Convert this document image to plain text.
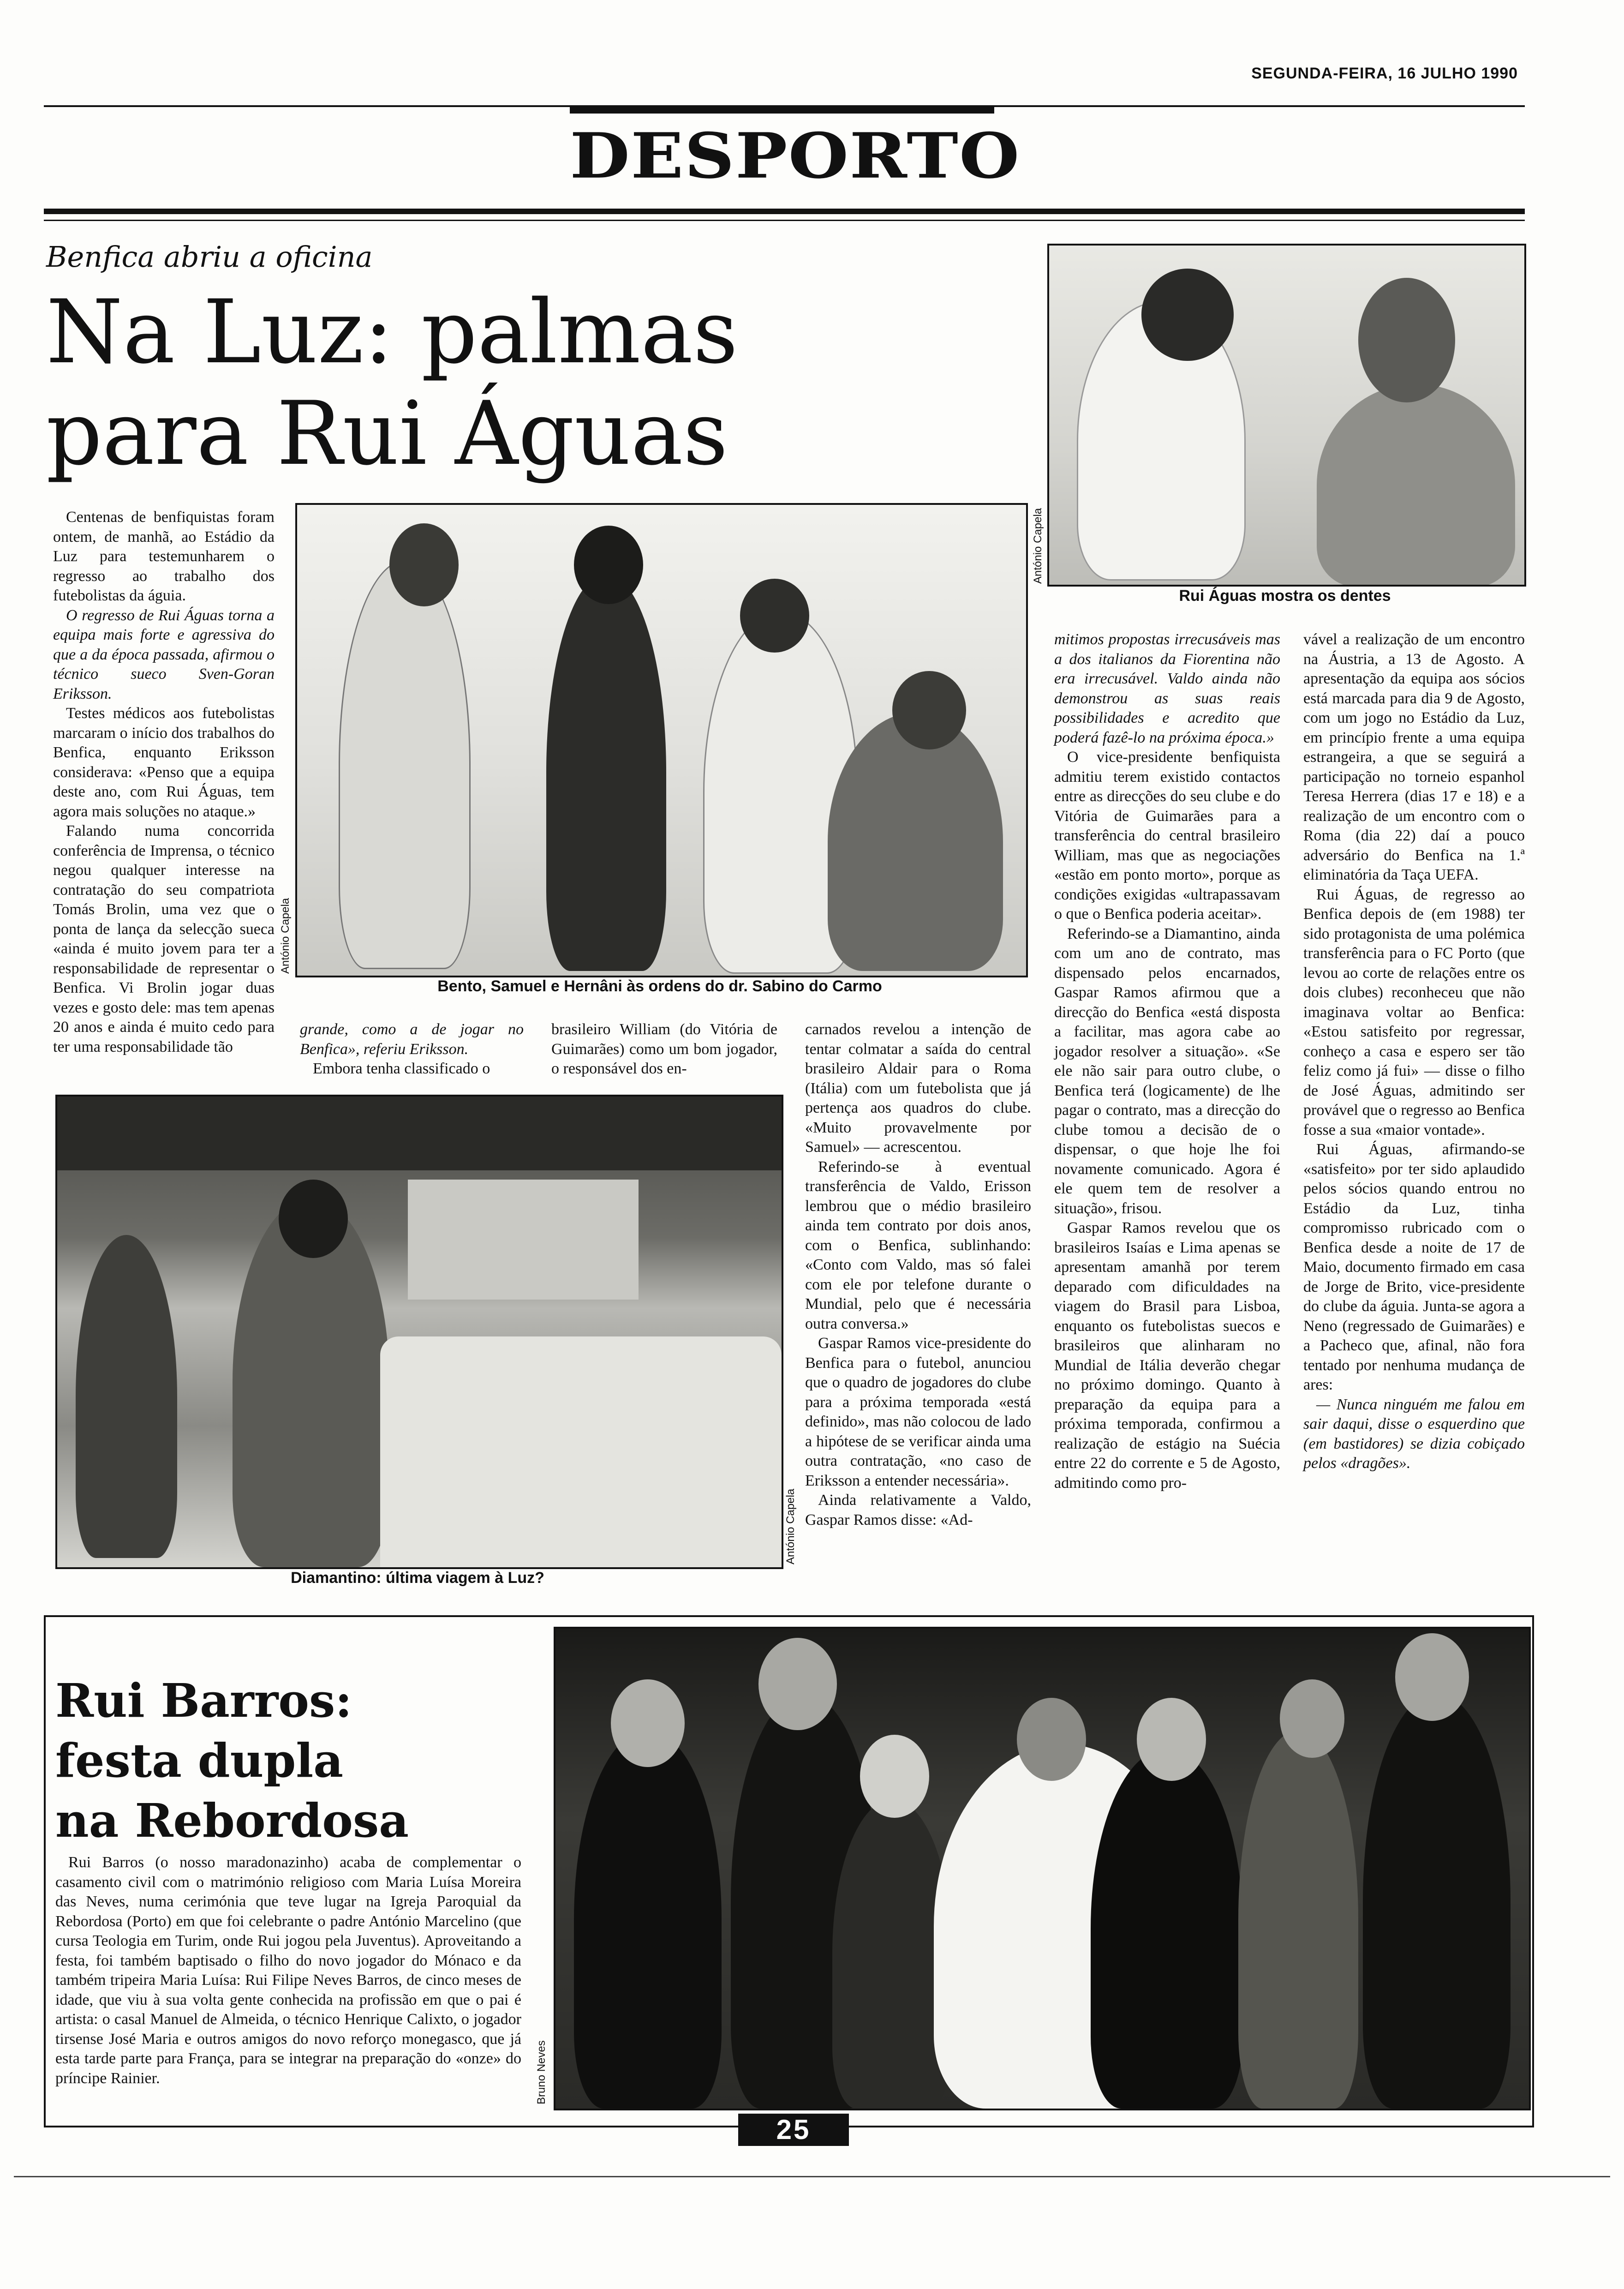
SEGUNDA-FEIRA, 16 JULHO 1990
DESPORTO
Benfica abriu a oficina
Na Luz: palmas
para Rui Águas
António Capela
Rui Águas mostra os dentes
António Capela
Bento, Samuel e Hernâni às ordens do dr. Sabino do Carmo

Centenas de benfiquistas foram ontem, de manhã, ao Estádio da Luz para testemunharem o regresso ao trabalho dos futebolistas da águia.

O regresso de Rui Águas torna a equipa mais forte e agressiva do que a da época passada, afirmou o técnico sueco Sven-Goran Eriksson.

Testes médicos aos futebolistas marcaram o início dos trabalhos do Benfica, enquanto Eriksson considerava: «Penso que a equipa deste ano, com Rui Águas, tem agora mais soluções no ataque.»

Falando numa concorrida conferência de Imprensa, o técnico negou qualquer interesse na contratação do seu compatriota Tomás Brolin, uma vez que o ponta de lança da selecção sueca «ainda é muito jovem para ter a responsabilidade de representar o Benfica. Vi Brolin jogar duas vezes e gosto dele: mas tem apenas 20 anos e ainda é muito cedo para ter uma responsabilidade tão

grande, como a de jogar no Benfica», referiu Eriksson.

Embora tenha classificado o

brasileiro William (do Vitória de Guimarães) como um bom jogador, o responsável dos en-

António Capela
Diamantino: última viagem à Luz?

carnados revelou a intenção de tentar colmatar a saída do central brasileiro Aldair para o Roma (Itália) com um futebolista que já pertença aos quadros do clube. «Muito provavelmente por Samuel» — acrescentou.

Referindo-se à eventual transferência de Valdo, Erisson lembrou que o médio brasileiro ainda tem contrato por dois anos, com o Benfica, sublinhando: «Conto com Valdo, mas só falei com ele por telefone durante o Mundial, pelo que é necessária outra conversa.»

Gaspar Ramos vice-presidente do Benfica para o futebol, anunciou que o quadro de jogadores do clube para a próxima temporada «está definido», mas não colocou de lado a hipótese de se verificar ainda uma outra contratação, «no caso de Eriksson a entender necessária».

Ainda relativamente a Valdo, Gaspar Ramos disse: «Ad-

mitimos propostas irrecusáveis mas a dos italianos da Fiorentina não era irrecusável. Valdo ainda não demonstrou as suas reais possibilidades e acredito que poderá fazê-lo na próxima época.»

O vice-presidente benfiquista admitiu terem existido contactos entre as direcções do seu clube e do Vitória de Guimarães para a transferência do central brasileiro William, mas que as negociações «estão em ponto morto», porque as condições exigidas «ultrapassavam o que o Benfica poderia aceitar».

Referindo-se a Diamantino, ainda com um ano de contrato, mas dispensado pelos encarnados, Gaspar Ramos afirmou que a direcção do Benfica «está disposta a facilitar, mas agora cabe ao jogador resolver a situação». «Se ele não sair para outro clube, o Benfica terá (logicamente) de lhe pagar o contrato, mas a direcção do clube tomou a decisão de o dispensar, o que hoje lhe foi novamente comunicado. Agora é ele quem tem de resolver a situação», frisou.

Gaspar Ramos revelou que os brasileiros Isaías e Lima apenas se apresentam amanhã por terem deparado com dificuldades na viagem do Brasil para Lisboa, enquanto os futebolistas suecos e brasileiros que alinharam no Mundial de Itália deverão chegar no próximo domingo. Quanto à preparação da equipa para a próxima temporada, confirmou a realização de estágio na Suécia entre 22 do corrente e 5 de Agosto, admitindo como pro-

vável a realização de um encontro na Áustria, a 13 de Agosto. A apresentação da equipa aos sócios está marcada para dia 9 de Agosto, com um jogo no Estádio da Luz, em princípio frente a uma equipa estrangeira, a que se seguirá a participação no torneio espanhol Teresa Herrera (dias 17 e 18) e a realização de um encontro com o Roma (dia 22) daí a pouco adversário do Benfica na 1.ª eliminatória da Taça UEFA.

Rui Águas, de regresso ao Benfica depois de (em 1988) ter sido protagonista de uma polémica transferência para o FC Porto (que levou ao corte de relações entre os dois clubes) reconheceu que não imaginava voltar ao Benfica: «Estou satisfeito por regressar, conheço a casa e espero ser tão feliz como já fui» — disse o filho de José Águas, admitindo ser provável que o regresso ao Benfica fosse a sua «maior vontade».

Rui Águas, afirmando-se «satisfeito» por ter sido aplaudido pelos sócios quando entrou no Estádio da Luz, tinha compromisso rubricado com o Benfica desde a noite de 17 de Maio, documento firmado em casa de Jorge de Brito, vice-presidente do clube da águia. Junta-se agora a Neno (regressado de Guimarães) e a Pacheco que, afinal, não fora tentado por nenhuma mudança de ares:

— Nunca ninguém me falou em sair daqui, disse o esquerdino que (em bastidores) se dizia cobiçado pelos «dragões».

Rui Barros:
festa dupla
na Rebordosa

Rui Barros (o nosso maradonazinho) acaba de complementar o casamento civil com o matrimónio religioso com Maria Luísa Moreira das Neves, numa cerimónia que teve lugar na Igreja Paroquial da Rebordosa (Porto) em que foi celebrante o padre António Marcelino (que cursa Teologia em Turim, onde Rui jogou pela Juventus). Aproveitando a festa, foi também baptisado o filho do novo jogador do Mónaco e da também tripeira Maria Luísa: Rui Filipe Neves Barros, de cinco meses de idade, que viu à sua volta gente conhecida na profissão em que o pai é artista: o casal Manuel de Almeida, o técnico Henrique Calixto, o jogador tirsense José Maria e outros amigos do novo reforço monegasco, que já esta tarde parte para França, para se integrar na preparação do «onze» do príncipe Rainier.	Bruno Neves
25
